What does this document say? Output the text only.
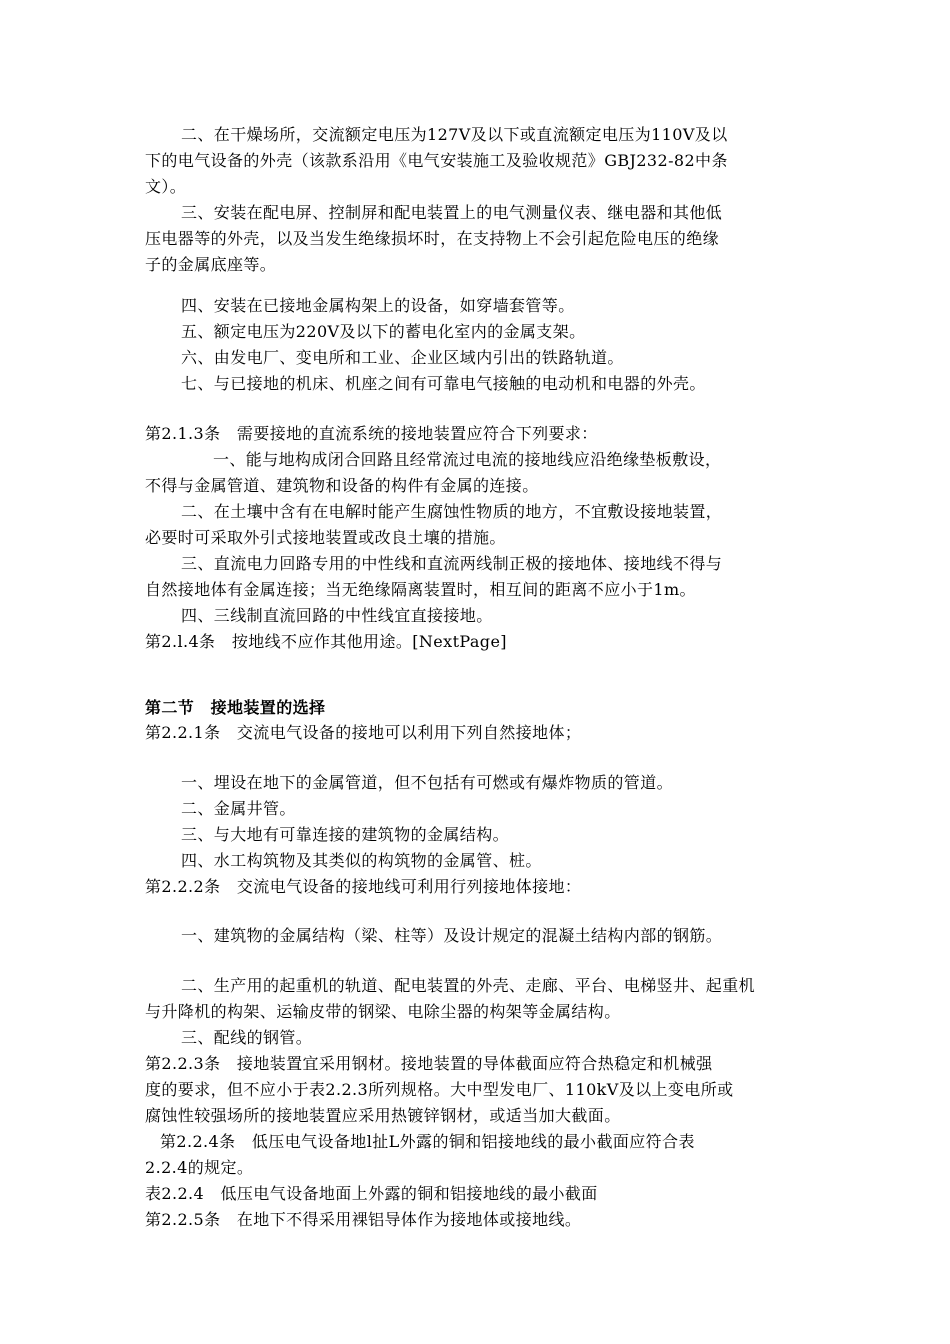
二、在干燥场所，交流额定电压为127V及以下或直流额定电压为110V及以
下的电气设备的外壳（该款系沿用《电气安装施工及验收规范》GBJ232-82中条
文）。
三、安装在配电屏、控制屏和配电装置上的电气测量仪表、继电器和其他低
压电器等的外壳，以及当发生绝缘损坏时，在支持物上不会引起危险电压的绝缘
子的金属底座等。
四、安装在已接地金属构架上的设备，如穿墙套管等。
五、额定电压为220V及以下的蓄电化室内的金属支架。
六、由发电厂、变电所和工业、企业区域内引出的铁路轨道。
七、与已接地的机床、机座之间有可靠电气接触的电动机和电器的外壳。
第2.1.3条　需要接地的直流系统的接地装置应符合下列要求：
一、能与地构成闭合回路且经常流过电流的接地线应沿绝缘垫板敷设，
不得与金属管道、建筑物和设备的构件有金属的连接。
二、在土壤中含有在电解时能产生腐蚀性物质的地方，不宜敷设接地装置，
必要时可采取外引式接地装置或改良土壤的措施。
三、直流电力回路专用的中性线和直流两线制正极的接地体、接地线不得与
自然接地体有金属连接；当无绝缘隔离装置时，相互间的距离不应小于1m。
四、三线制直流回路的中性线宜直接接地。
第2.l.4条　按地线不应作其他用途。[NextPage]
第二节　接地装置的选择
第2.2.1条　交流电气设备的接地可以利用下列自然接地体；
一、埋设在地下的金属管道，但不包括有可燃或有爆炸物质的管道。
二、金属井管。
三、与大地有可靠连接的建筑物的金属结构。
四、水工构筑物及其类似的构筑物的金属管、桩。
第2.2.2条　交流电气设备的接地线可利用行列接地体接地：
一、建筑物的金属结构（梁、柱等）及设计规定的混凝土结构内部的钢筋。
二、生产用的起重机的轨道、配电装置的外壳、走廊、平台、电梯竖井、起重机
与升降机的构架、运输皮带的钢梁、电除尘器的构架等金属结构。
三、配线的钢管。
第2.2.3条　接地装置宜采用钢材。接地装置的导体截面应符合热稳定和机械强
度的要求，但不应小于表2.2.3所列规格。大中型发电厂、110kV及以上变电所或
腐蚀性较强场所的接地装置应采用热镀锌钢材，或适当加大截面。
第2.2.4条　低压电气设备地l扯L外露的铜和铝接地线的最小截面应符合表
2.2.4的规定。
表2.2.4　低压电气设备地面上外露的铜和铝接地线的最小截面
第2.2.5条　在地下不得采用裸铝导体作为接地体或接地线。
